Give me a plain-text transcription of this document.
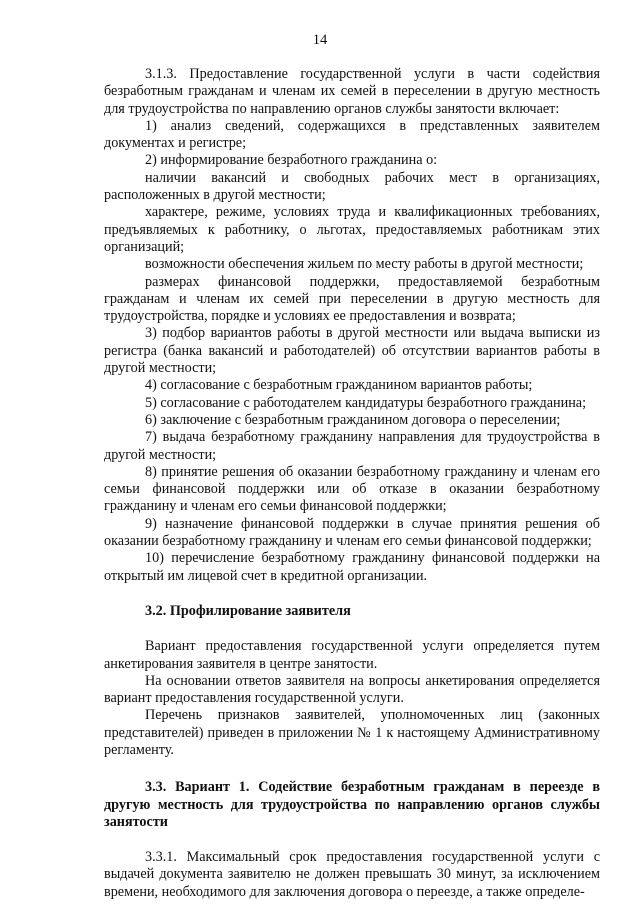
14

3.1.3. Предоставление государственной услуги в части содействия безработным гражданам и членам их семей в переселении в другую местность для трудоустройства по направлению органов службы занятости включает:

1) анализ сведений, содержащихся в представленных заявителем документах и регистре;

2) информирование безработного гражданина о:

наличии вакансий и свободных рабочих мест в организациях, расположенных в другой местности;

характере, режиме, условиях труда и квалификационных требованиях, предъявляемых к работнику, о льготах, предоставляемых работникам этих организаций;

возможности обеспечения жильем по месту работы в другой местности;

размерах финансовой поддержки, предоставляемой безработным гражданам и членам их семей при переселении в другую местность для трудоустройства, порядке и условиях ее предоставления и возврата;

3) подбор вариантов работы в другой местности или выдача выписки из регистра (банка вакансий и работодателей) об отсутствии вариантов работы в другой местности;

4) согласование с безработным гражданином вариантов работы;

5) согласование с работодателем кандидатуры безработного гражданина;

6) заключение с безработным гражданином договора о переселении;

7) выдача безработному гражданину направления для трудоустройства в другой местности;

8) принятие решения об оказании безработному гражданину и членам его семьи финансовой поддержки или об отказе в оказании безработному гражданину и членам его семьи финансовой поддержки;

9) назначение финансовой поддержки в случае принятия решения об оказании безработному гражданину и членам его семьи финансовой поддержки;

10) перечисление безработному гражданину финансовой поддержки на открытый им лицевой счет в кредитной организации.

3.2. Профилирование заявителя

Вариант предоставления государственной услуги определяется путем анкетирования заявителя в центре занятости.

На основании ответов заявителя на вопросы анкетирования определяется вариант предоставления государственной услуги.

Перечень признаков заявителей, уполномоченных лиц (законных представителей) приведен в приложении № 1 к настоящему Административному регламенту.

3.3. Вариант 1. Содействие безработным гражданам в переезде в другую местность для трудоустройства по направлению органов службы занятости

3.3.1. Максимальный срок предоставления государственной услуги с выдачей документа заявителю не должен превышать 30 минут, за исключением времени, необходимого для заключения договора о переезде, а также определе-
